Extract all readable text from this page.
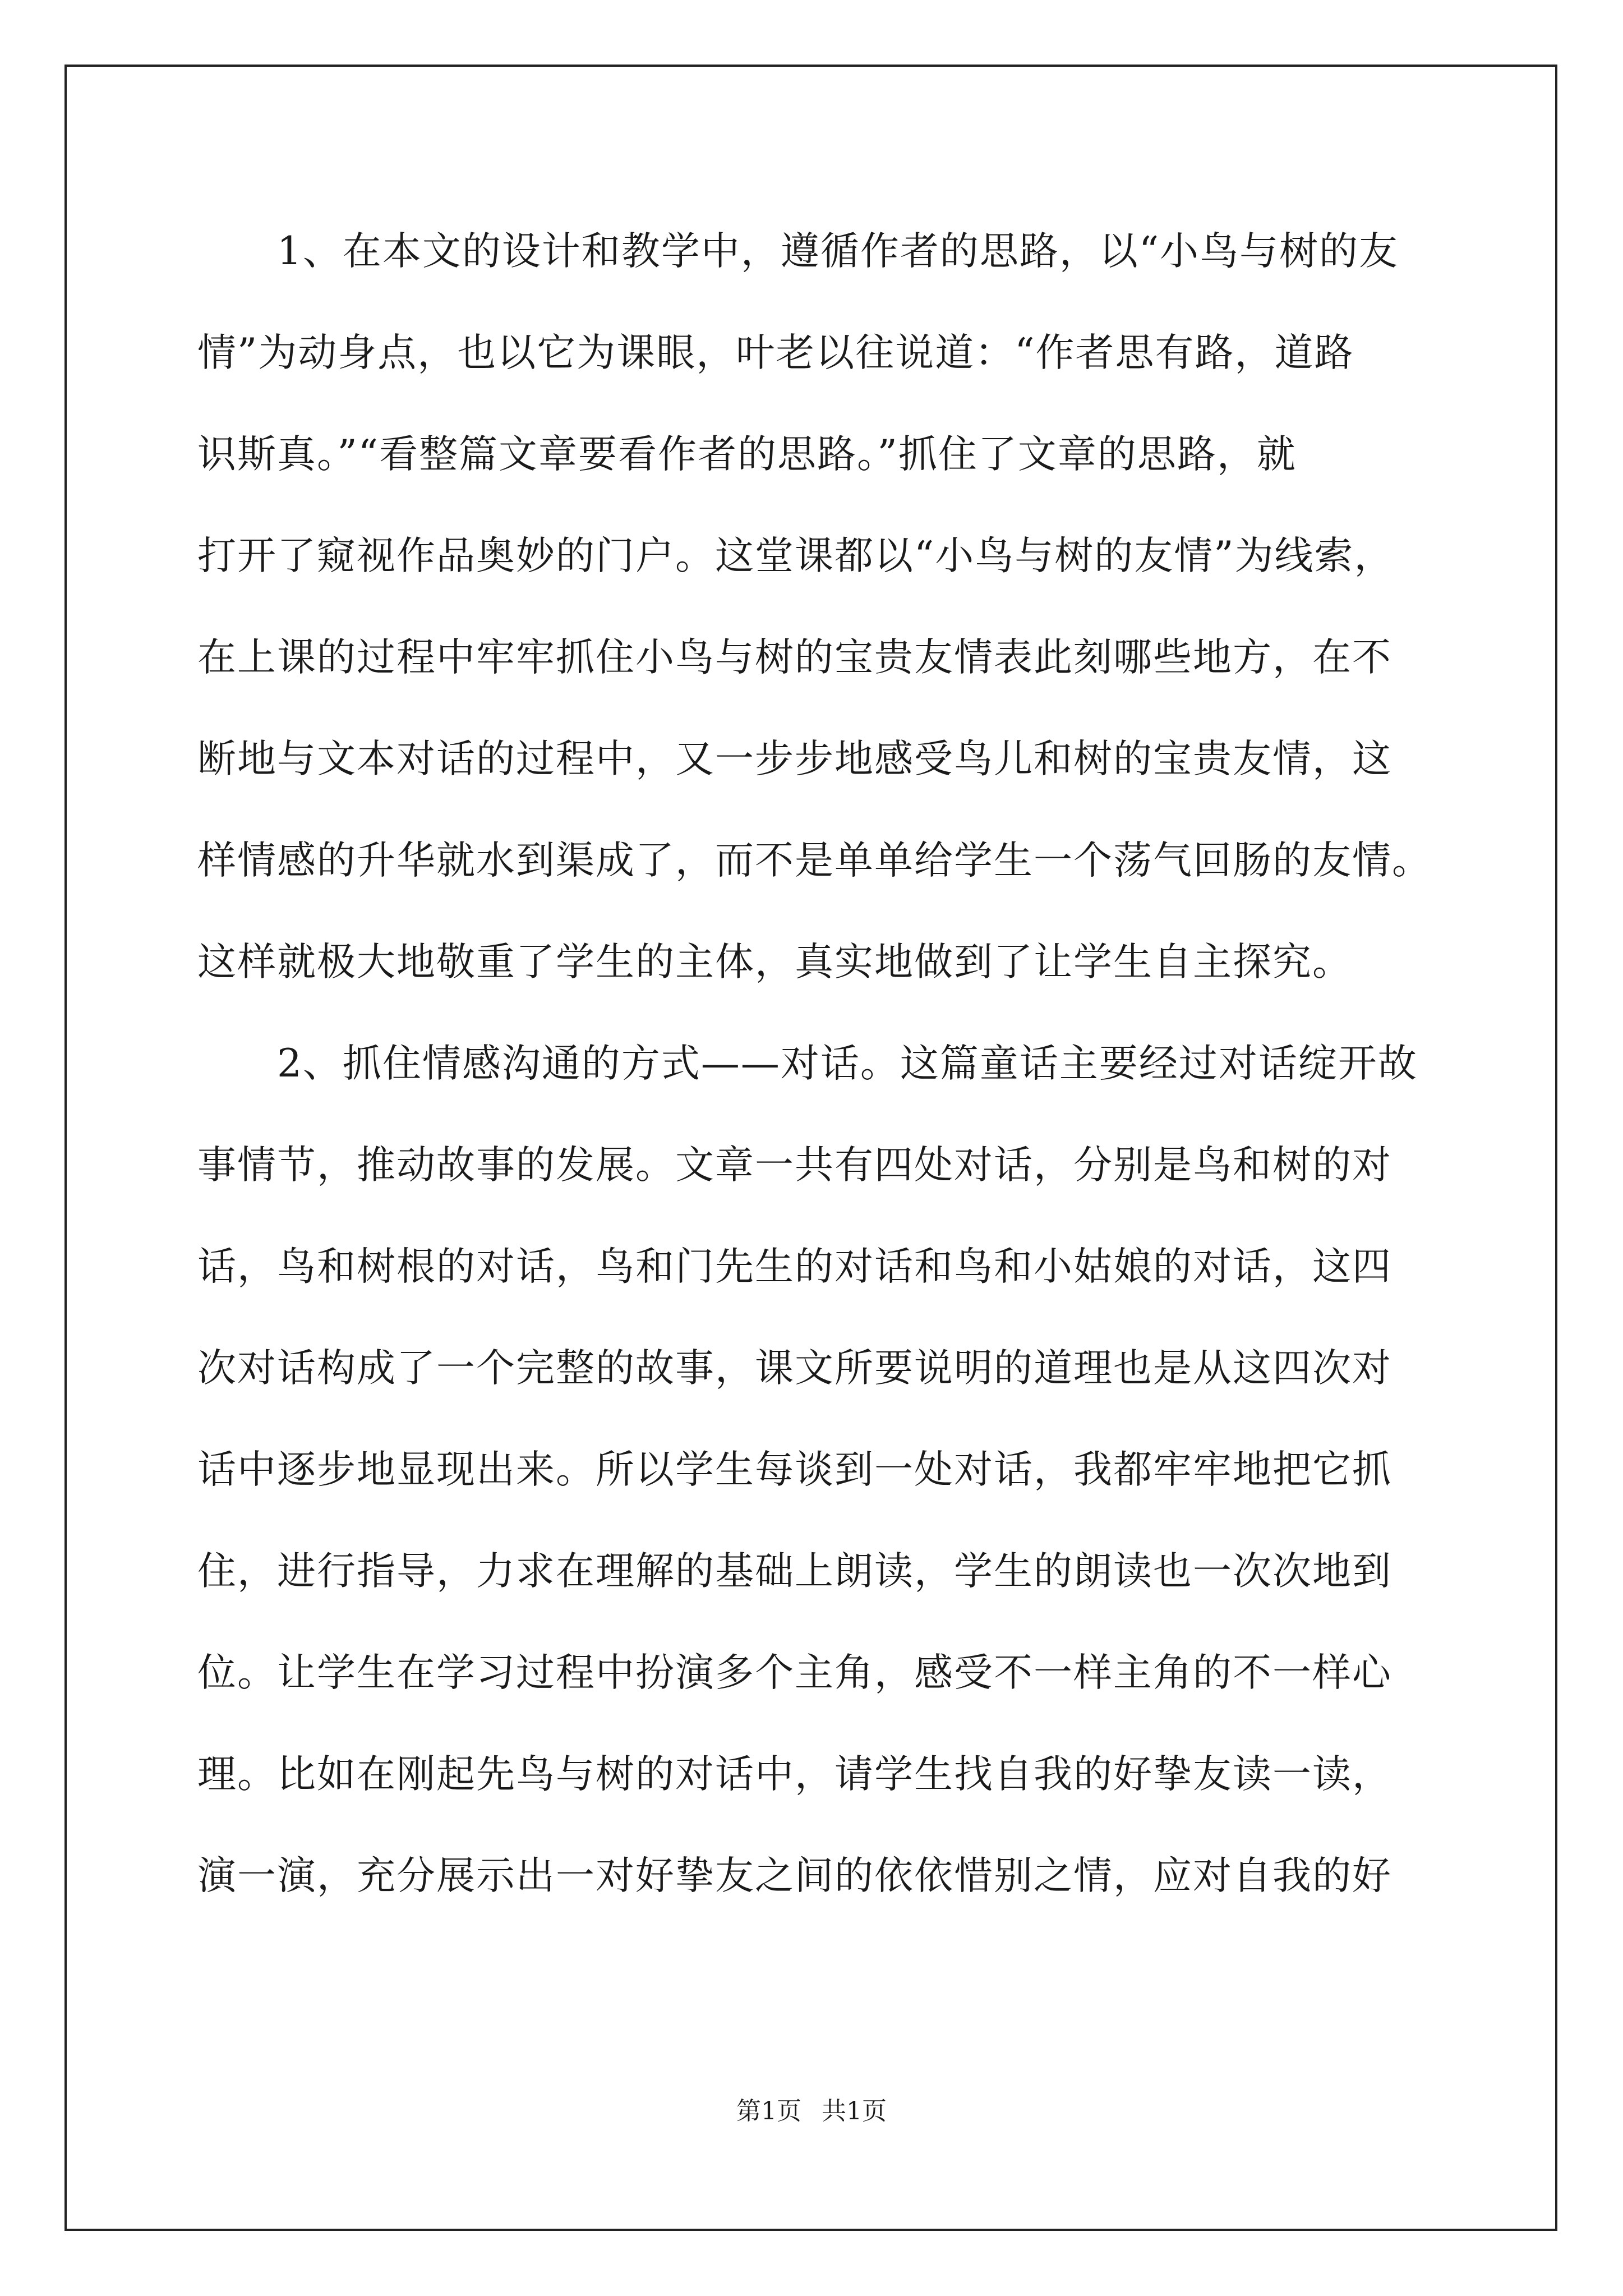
1、在本文的设计和教学中，遵循作者的思路，以“小鸟与树的友
情”为动身点，也以它为课眼，叶老以往说道：“作者思有路，道路
识斯真。”“看整篇文章要看作者的思路。”抓住了文章的思路，就
打开了窥视作品奥妙的门户。这堂课都以“小鸟与树的友情”为线索，
在上课的过程中牢牢抓住小鸟与树的宝贵友情表此刻哪些地方，在不
断地与文本对话的过程中，又一步步地感受鸟儿和树的宝贵友情，这
样情感的升华就水到渠成了，而不是单单给学生一个荡气回肠的友情。
这样就极大地敬重了学生的主体，真实地做到了让学生自主探究。
2、抓住情感沟通的方式——对话。这篇童话主要经过对话绽开故
事情节，推动故事的发展。文章一共有四处对话，分别是鸟和树的对
话，鸟和树根的对话，鸟和门先生的对话和鸟和小姑娘的对话，这四
次对话构成了一个完整的故事，课文所要说明的道理也是从这四次对
话中逐步地显现出来。所以学生每谈到一处对话，我都牢牢地把它抓
住，进行指导，力求在理解的基础上朗读，学生的朗读也一次次地到
位。让学生在学习过程中扮演多个主角，感受不一样主角的不一样心
理。比如在刚起先鸟与树的对话中，请学生找自我的好挚友读一读，
演一演，充分展示出一对好挚友之间的依依惜别之情，应对自我的好
第1页 共1页
